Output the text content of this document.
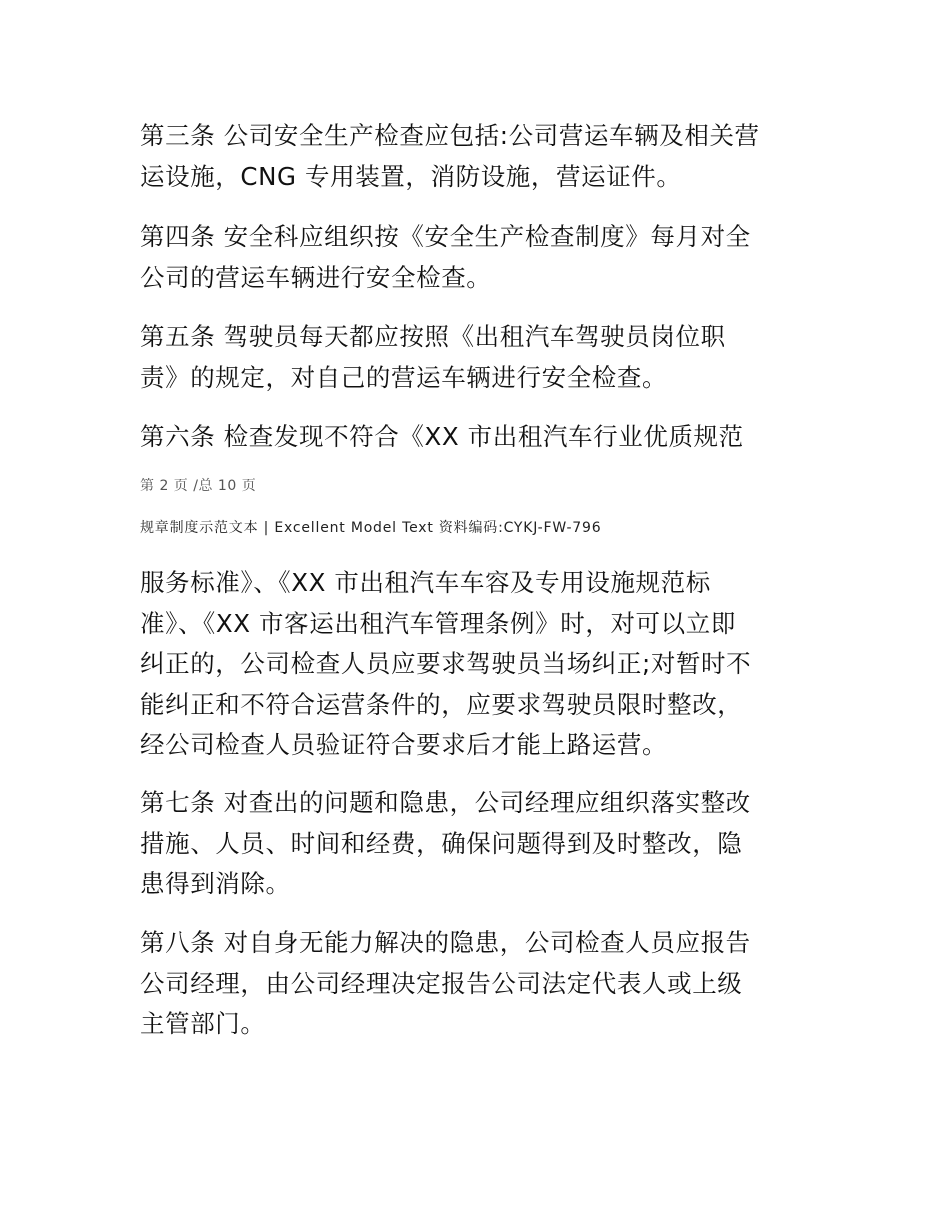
第三条 公司安全生产检查应包括:公司营运车辆及相关营
运设施，CNG 专用装置，消防设施，营运证件。
第四条 安全科应组织按《安全生产检查制度》每月对全
公司的营运车辆进行安全检查。
第五条 驾驶员每天都应按照《出租汽车驾驶员岗位职
责》的规定，对自己的营运车辆进行安全检查。
第六条 检查发现不符合《XX 市出租汽车行业优质规范
第 2 页 /总 10 页
规章制度示范文本 | Excellent Model Text 资料编码:CYKJ-FW-796
服务标准》、《XX 市出租汽车车容及专用设施规范标
准》、《XX 市客运出租汽车管理条例》时，对可以立即
纠正的，公司检查人员应要求驾驶员当场纠正;对暂时不
能纠正和不符合运营条件的，应要求驾驶员限时整改，
经公司检查人员验证符合要求后才能上路运营。
第七条 对查出的问题和隐患，公司经理应组织落实整改
措施、人员、时间和经费，确保问题得到及时整改，隐
患得到消除。
第八条 对自身无能力解决的隐患，公司检查人员应报告
公司经理，由公司经理决定报告公司法定代表人或上级
主管部门。
